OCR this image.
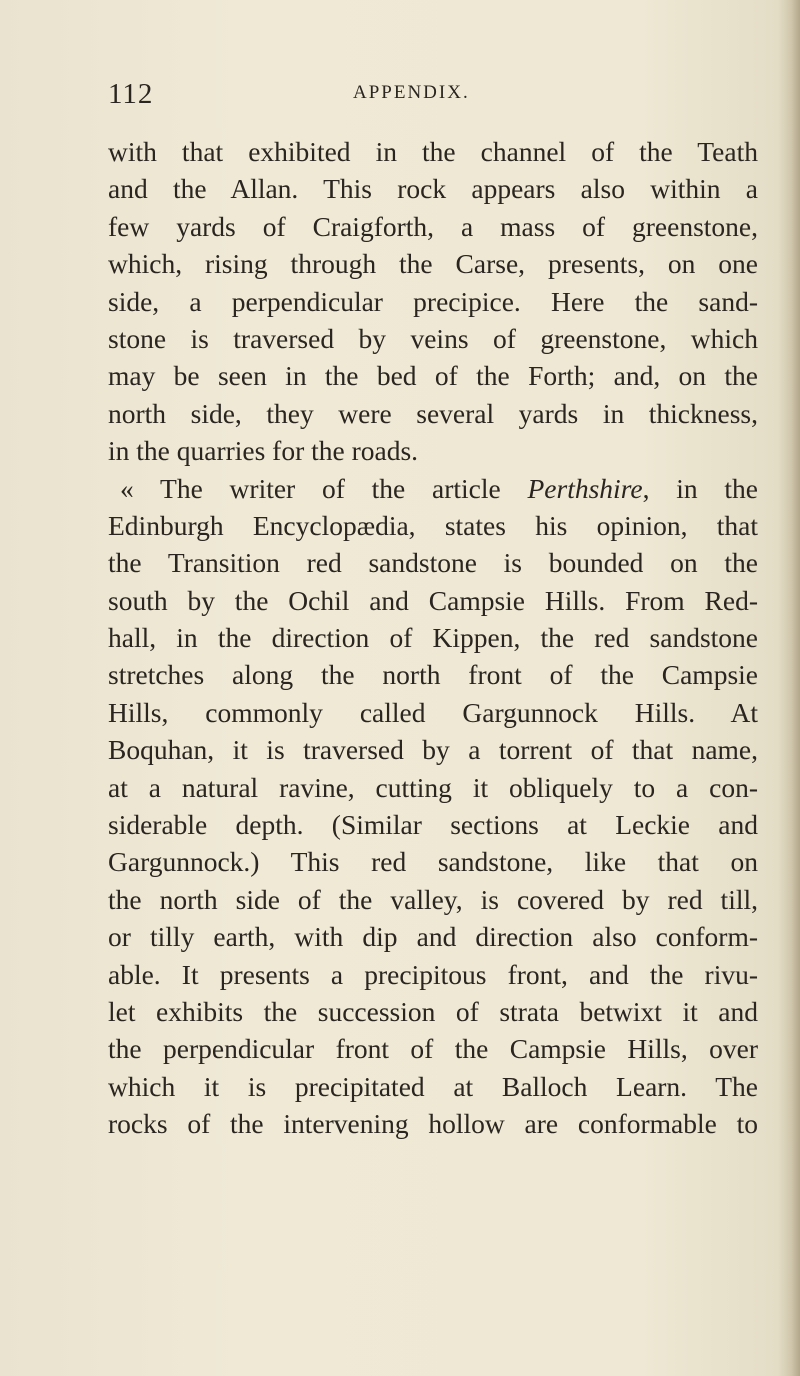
112	APPENDIX.
with that exhibited in the channel of the Teath
and the Allan. This rock appears also within a
few yards of Craigforth, a mass of greenstone,
which, rising through the Carse, presents, on one
side, a perpendicular precipice. Here the sand-
stone is traversed by veins of greenstone, which
may be seen in the bed of the Forth; and, on the
north side, they were several yards in thickness,
in the quarries for the roads.
« The writer of the article Perthshire, in the
Edinburgh Encyclopædia, states his opinion, that
the Transition red sandstone is bounded on the
south by the Ochil and Campsie Hills. From Red-
hall, in the direction of Kippen, the red sandstone
stretches along the north front of the Campsie
Hills, commonly called Gargunnock Hills. At
Boquhan, it is traversed by a torrent of that name,
at a natural ravine, cutting it obliquely to a con-
siderable depth. (Similar sections at Leckie and
Gargunnock.) This red sandstone, like that on
the north side of the valley, is covered by red till,
or tilly earth, with dip and direction also conform-
able. It presents a precipitous front, and the rivu-
let exhibits the succession of strata betwixt it and
the perpendicular front of the Campsie Hills, over
which it is precipitated at Balloch Learn. The
rocks of the intervening hollow are conformable to
